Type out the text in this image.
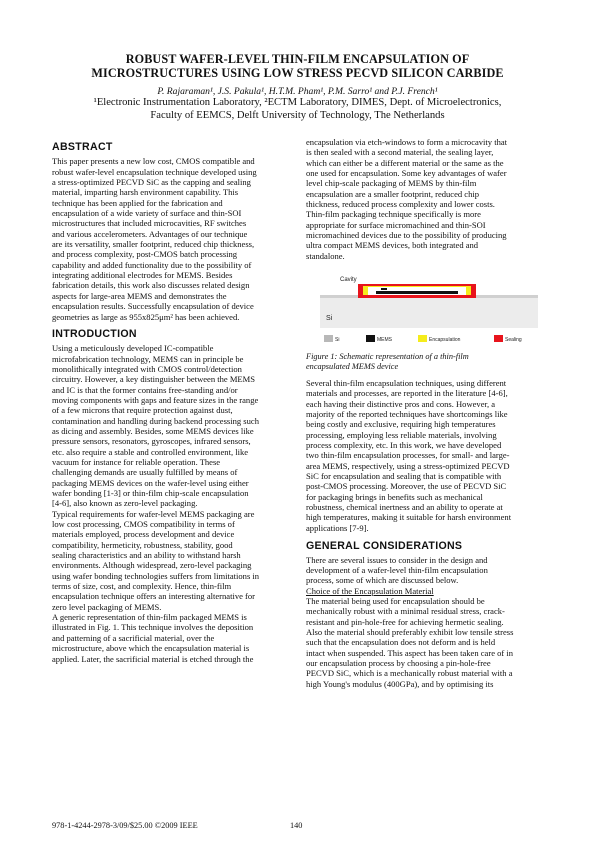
ROBUST WAFER-LEVEL THIN-FILM ENCAPSULATION OF
MICROSTRUCTURES USING LOW STRESS PECVD SILICON CARBIDE
P. Rajaraman¹, J.S. Pakula¹, H.T.M. Pham¹, P.M. Sarro¹ and P.J. French¹
¹Electronic Instrumentation Laboratory, ²ECTM Laboratory, DIMES, Dept. of Microelectronics,
Faculty of EEMCS, Delft University of Technology, The Netherlands
ABSTRACT

This paper presents a new low cost, CMOS compatible and

robust wafer-level encapsulation technique developed using

a stress-optimized PECVD SiC as the capping and sealing

material, imparting harsh environment capability. This

technique has been applied for the fabrication and

encapsulation of a wide variety of surface and thin-SOI

microstructures that included microcavities, RF switches

and various accelerometers. Advantages of our technique

are its versatility, smaller footprint, reduced chip thickness,

and process complexity, post-CMOS batch processing

capability and added functionality due to the possibility of

integrating additional electrodes for MEMS. Besides

fabrication details, this work also discusses related design

aspects for large-area MEMS and demonstrates the

encapsulation results. Successfully encapsulation of device

geometries as large as 955x825μm² has been achieved.

INTRODUCTION

Using a meticulously developed IC-compatible

microfabrication technology, MEMS can in principle be

monolithically integrated with CMOS control/detection

circuitry. However, a key distinguisher between the MEMS

and IC is that the former contains free-standing and/or

moving components with gaps and feature sizes in the range

of a few microns that require protection against dust,

contamination and handling during backend processing such

as dicing and assembly. Besides, some MEMS devices like

pressure sensors, resonators, gyroscopes, infrared sensors,

etc. also require a stable and controlled environment, like

vacuum for instance for reliable operation. These

challenging demands are usually fulfilled by means of

packaging MEMS devices on the wafer-level using either

wafer bonding [1-3] or thin-film chip-scale encapsulation

[4-6], also known as zero-level packaging.

Typical requirements for wafer-level MEMS packaging are

low cost processing, CMOS compatibility in terms of

materials employed, process development and device

compatibility, hermeticity, robustness, stability, good

sealing characteristics and an ability to withstand harsh

environments. Although widespread, zero-level packaging

using wafer bonding technologies suffers from limitations in

terms of size, cost, and complexity. Hence, thin-film

encapsulation technique offers an interesting alternative for

zero level packaging of MEMS.

A generic representation of thin-film packaged MEMS is

illustrated in Fig. 1. This technique involves the deposition

and patterning of a sacrificial material, over the

microstructure, above which the encapsulation material is

applied. Later, the sacrificial material is etched through the

encapsulation via etch-windows to form a microcavity that

is then sealed with a second material, the sealing layer,

which can either be a different material or the same as the

one used for encapsulation. Some key advantages of wafer

level chip-scale packaging of MEMS by thin-film

encapsulation are a smaller footprint, reduced chip

thickness, reduced process complexity and lower costs.

Thin-film packaging technique specifically is more

appropriate for surface micromachined and thin-SOI

micromachined devices due to the possibility of producing

ultra compact MEMS devices, both integrated and

standalone.

Cavity
Si
Si	MEMS	Encapsulation	Sealing
Figure 1: Schematic representation of a thin-film
encapsulated MEMS device

Several thin-film encapsulation techniques, using different

materials and processes, are reported in the literature [4-6],

each having their distinctive pros and cons. However, a

majority of the reported techniques have shortcomings like

being costly and exclusive, requiring high temperatures

processing, employing less reliable materials, involving

process complexity, etc. In this work, we have developed

two thin-film encapsulation processes, for small- and large-

area MEMS, respectively, using a stress-optimized PECVD

SiC for encapsulation and sealing that is compatible with

post-CMOS processing. Moreover, the use of PECVD SiC

for packaging brings in benefits such as mechanical

robustness, chemical inertness and an ability to operate at

high temperatures, making it suitable for harsh environment

applications [7-9].

GENERAL CONSIDERATIONS

There are several issues to consider in the design and

development of a wafer-level thin-film encapsulation

process, some of which are discussed below.

Choice of the Encapsulation Material

The material being used for encapsulation should be

mechanically robust with a minimal residual stress, crack-

resistant and pin-hole-free for achieving hermetic sealing.

Also the material should preferably exhibit low tensile stress

such that the encapsulation does not deform and is held

intact when suspended. This aspect has been taken care of in

our encapsulation process by choosing a pin-hole-free

PECVD SiC, which is a mechanically robust material with a

high Young's modulus (400GPa), and by optimising its

978-1-4244-2978-3/09/$25.00 ©2009 IEEE	140
